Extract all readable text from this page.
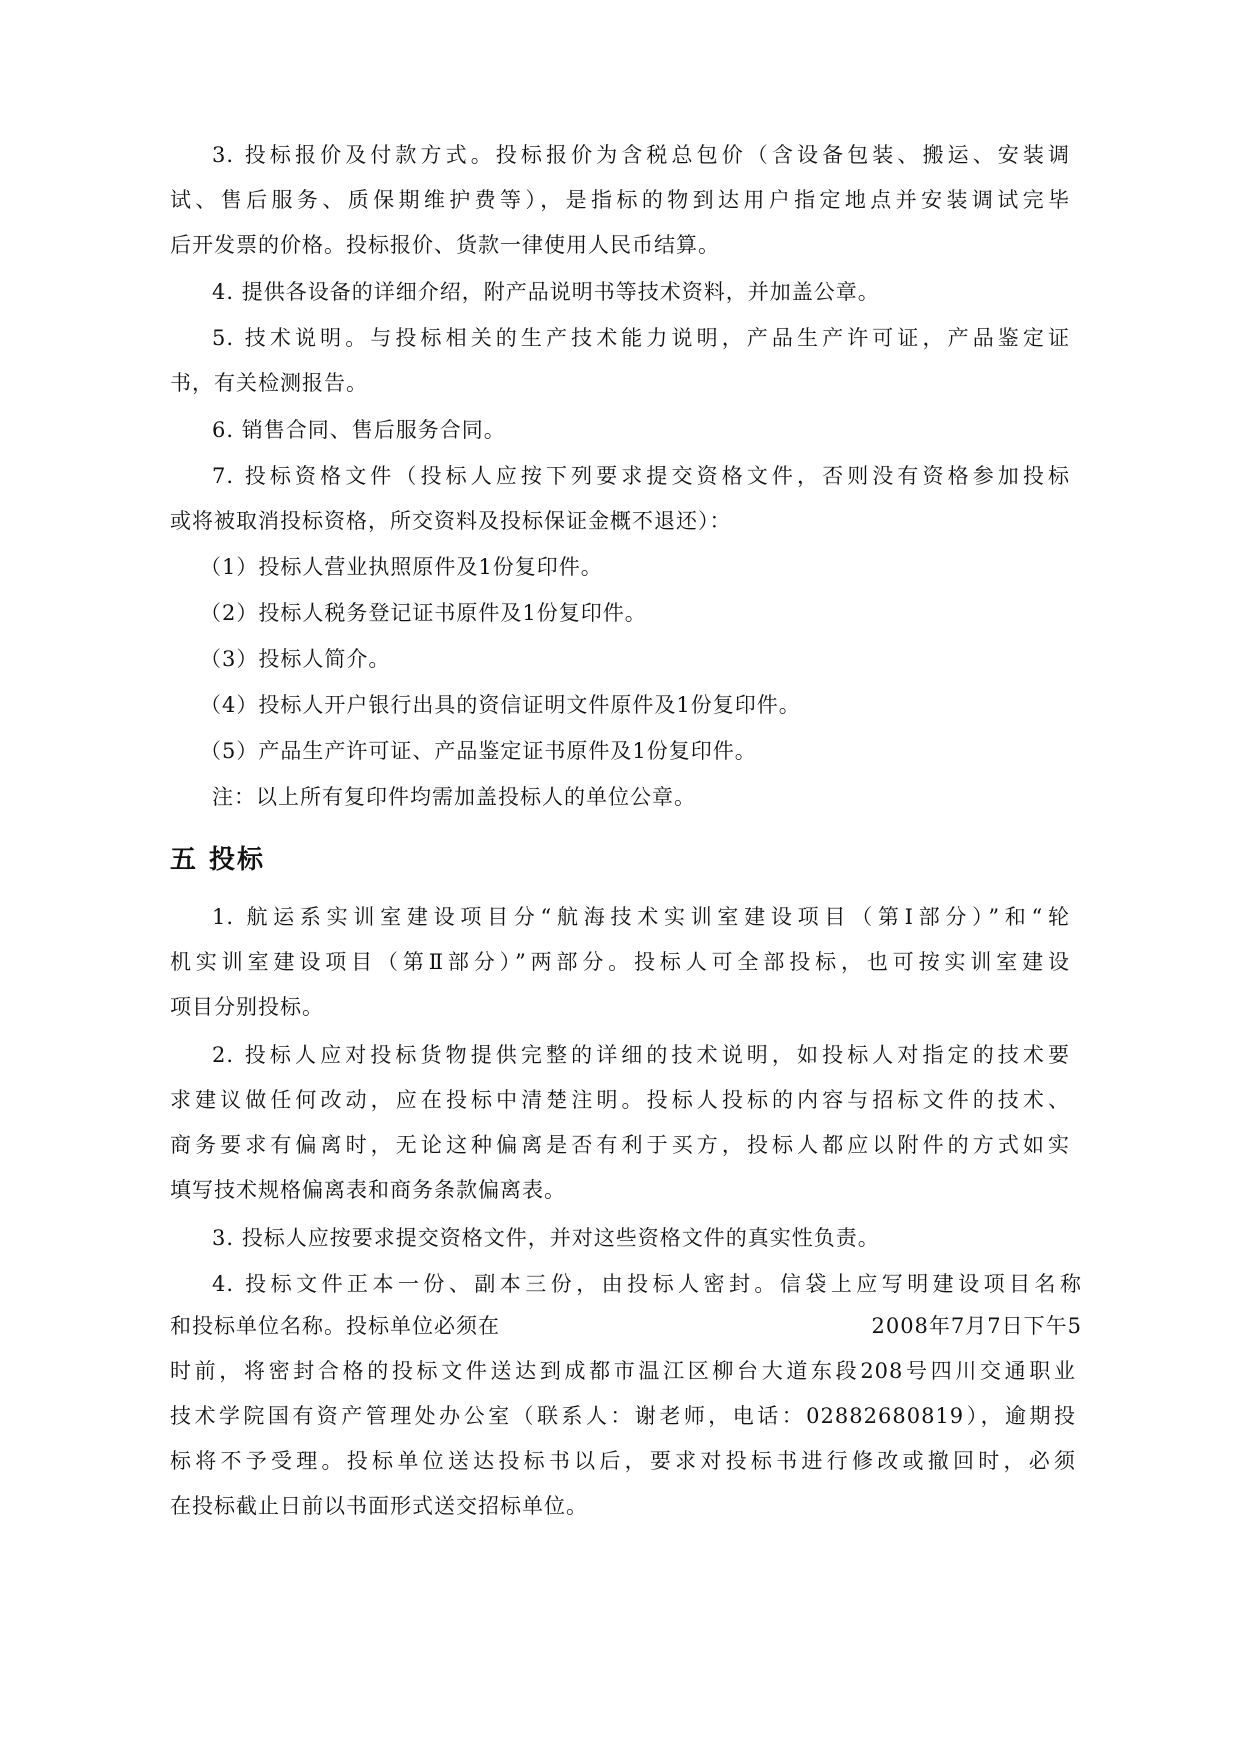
3. 投标报价及付款方式。投标报价为含税总包价（含设备包装、搬运、安装调
试、售后服务、质保期维护费等），是指标的物到达用户指定地点并安装调试完毕
后开发票的价格。投标报价、货款一律使用人民币结算。
4. 提供各设备的详细介绍，附产品说明书等技术资料，并加盖公章。
5. 技术说明。与投标相关的生产技术能力说明，产品生产许可证，产品鉴定证
书，有关检测报告。
6. 销售合同、售后服务合同。
7. 投标资格文件（投标人应按下列要求提交资格文件，否则没有资格参加投标
或将被取消投标资格，所交资料及投标保证金概不退还）：
（1）投标人营业执照原件及1份复印件。
（2）投标人税务登记证书原件及1份复印件。
（3）投标人简介。
（4）投标人开户银行出具的资信证明文件原件及1份复印件。
（5）产品生产许可证、产品鉴定证书原件及1份复印件。
注：以上所有复印件均需加盖投标人的单位公章。
五 投标
1. 航运系实训室建设项目分“航海技术实训室建设项目（第Ⅰ部分）”和“轮
机实训室建设项目（第Ⅱ部分）”两部分。投标人可全部投标，也可按实训室建设
项目分别投标。
2. 投标人应对投标货物提供完整的详细的技术说明，如投标人对指定的技术要
求建议做任何改动，应在投标中清楚注明。投标人投标的内容与招标文件的技术、
商务要求有偏离时，无论这种偏离是否有利于买方，投标人都应以附件的方式如实
填写技术规格偏离表和商务条款偏离表。
3. 投标人应按要求提交资格文件，并对这些资格文件的真实性负责。
4. 投标文件正本一份、副本三份，由投标人密封。信袋上应写明建设项目名称
和投标单位名称。投标单位必须在	2008年7月7日下午5
时前，将密封合格的投标文件送达到成都市温江区柳台大道东段208号四川交通职业
技术学院国有资产管理处办公室（联系人：谢老师，电话：02882680819），逾期投
标将不予受理。投标单位送达投标书以后，要求对投标书进行修改或撤回时，必须
在投标截止日前以书面形式送交招标单位。
